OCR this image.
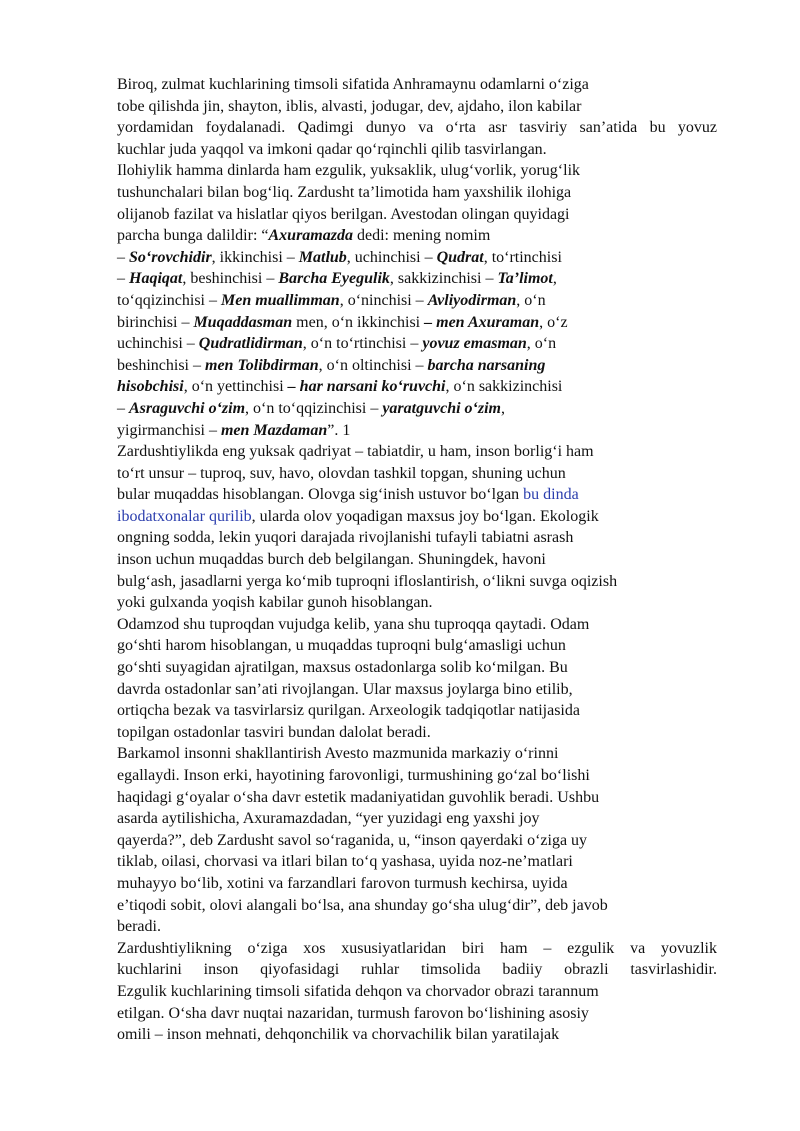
Biroq, zulmat kuchlarining timsoli sifatida Anhramaynu odamlarni oʻziga
tobe qilishda jin, shayton, iblis, alvasti, jodugar, dev, ajdaho, ilon kabilar
yordamidan foydalanadi. Qadimgi dunyo va oʻrta asr tasviriy san’atida bu yovuz
kuchlar juda yaqqol va imkoni qadar qoʻrqinchli qilib tasvirlangan.
Ilohiylik hamma dinlarda ham ezgulik, yuksaklik, ulugʻvorlik, yorugʻlik
tushunchalari bilan bogʻliq. Zardusht ta’limotida ham yaxshilik ilohiga
olijanob fazilat va hislatlar qiyos berilgan. Avestodan olingan quyidagi
parcha bunga dalildir: “Axuramazda dedi: mening nomim
– Soʻrovchidir, ikkinchisi – Matlub, uchinchisi – Qudrat, toʻrtinchisi
– Haqiqat, beshinchisi – Barcha Eyegulik, sakkizinchisi – Ta’limot,
toʻqqizinchisi – Men muallimman, oʻninchisi – Avliyodirman, oʻn
birinchisi – Muqaddasman men, oʻn ikkinchisi – men Axuraman, oʻz
uchinchisi – Qudratlidirman, oʻn toʻrtinchisi – yovuz emasman, oʻn
beshinchisi – men Tolibdirman, oʻn oltinchisi – barcha narsaning
hisobchisi, oʻn yettinchisi – har narsani koʻruvchi, oʻn sakkizinchisi
– Asraguvchi oʻzim, oʻn toʻqqizinchisi – yaratguvchi oʻzim,
yigirmanchisi – men Mazdaman”. 1
Zardushtiylikda eng yuksak qadriyat – tabiatdir, u ham, inson borligʻi ham
toʻrt unsur – tuproq, suv, havo, olovdan tashkil topgan, shuning uchun
bular muqaddas hisoblangan. Olovga sigʻinish ustuvor boʻlgan bu dinda
ibodatxonalar qurilib, ularda olov yoqadigan maxsus joy boʻlgan. Ekologik
ongning sodda, lekin yuqori darajada rivojlanishi tufayli tabiatni asrash
inson uchun muqaddas burch deb belgilangan. Shuningdek, havoni
bulgʻash, jasadlarni yerga koʻmib tuproqni ifloslantirish, oʻlikni suvga oqizish
yoki gulxanda yoqish kabilar gunoh hisoblangan.
Odamzod shu tuproqdan vujudga kelib, yana shu tuproqqa qaytadi. Odam
goʻshti harom hisoblangan, u muqaddas tuproqni bulgʻamasligi uchun
goʻshti suyagidan ajratilgan, maxsus ostadonlarga solib koʻmilgan. Bu
davrda ostadonlar san’ati rivojlangan. Ular maxsus joylarga bino etilib,
ortiqcha bezak va tasvirlarsiz qurilgan. Arxeologik tadqiqotlar natijasida
topilgan ostadonlar tasviri bundan dalolat beradi.
Barkamol insonni shakllantirish Avesto mazmunida markaziy oʻrinni
egallaydi. Inson erki, hayotining farovonligi, turmushining goʻzal boʻlishi
haqidagi gʻoyalar oʻsha davr estetik madaniyatidan guvohlik beradi. Ushbu
asarda aytilishicha, Axuramazdadan, “yer yuzidagi eng yaxshi joy
qayerda?”, deb Zardusht savol soʻraganida, u, “inson qayerdaki oʻziga uy
tiklab, oilasi, chorvasi va itlari bilan toʻq yashasa, uyida noz-ne’matlari
muhayyo boʻlib, xotini va farzandlari farovon turmush kechirsa, uyida
e’tiqodi sobit, olovi alangali boʻlsa, ana shunday goʻsha ulugʻdir”, deb javob
beradi.
Zardushtiylikning oʻziga xos xususiyatlaridan biri ham – ezgulik va yovuzlik
kuchlarini inson qiyofasidagi ruhlar timsolida badiiy obrazli tasvirlashidir.
Ezgulik kuchlarining timsoli sifatida dehqon va chorvador obrazi tarannum
etilgan. Oʻsha davr nuqtai nazaridan, turmush farovon boʻlishining asosiy
omili – inson mehnati, dehqonchilik va chorvachilik bilan yaratilajak
